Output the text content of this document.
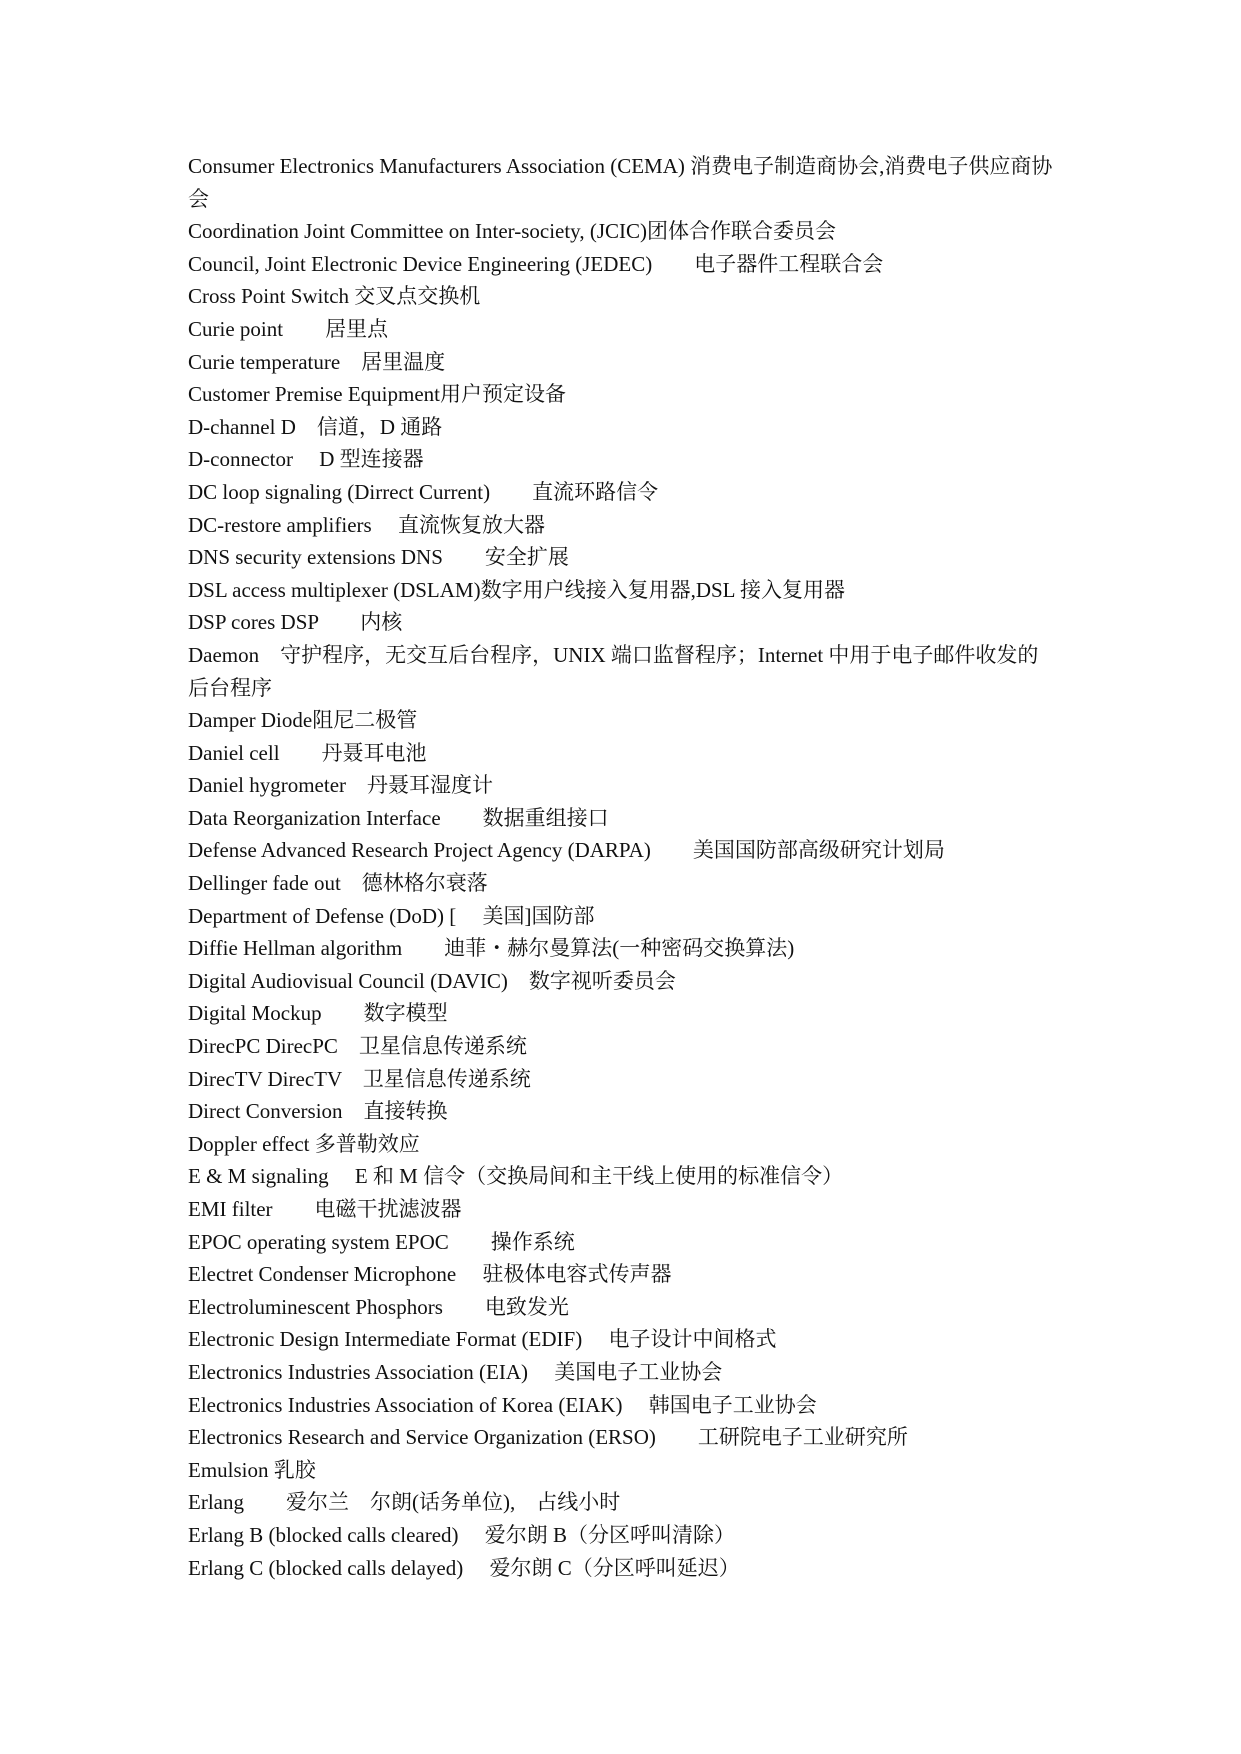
Consumer Electronics Manufacturers Association (CEMA) 消费电子制造商协会,消费电子供应商协会
Coordination Joint Committee on Inter-society, (JCIC)团体合作联合委员会
Council, Joint Electronic Device Engineering (JEDEC)　　电子器件工程联合会
Cross Point Switch 交叉点交换机
Curie point　　居里点
Curie temperature　居里温度
Customer Premise Equipment用户预定设备
D-channel D　信道，D 通路
D-connector　 D 型连接器
DC loop signaling (Dirrect Current)　　直流环路信令
DC-restore amplifiers　 直流恢复放大器
DNS security extensions DNS　　安全扩展
DSL access multiplexer (DSLAM)数字用户线接入复用器,DSL 接入复用器
DSP cores DSP　　内核
Daemon　守护程序，无交互后台程序，UNIX 端口监督程序；Internet 中用于电子邮件收发的后台程序
Damper Diode阻尼二极管
Daniel cell　　丹聂耳电池
Daniel hygrometer　丹聂耳湿度计
Data Reorganization Interface　　数据重组接口
Defense Advanced Research Project Agency (DARPA)　　美国国防部高级研究计划局
Dellinger fade out　德林格尔衰落
Department of Defense (DoD) [　 美国]国防部
Diffie Hellman algorithm　　迪菲・赫尔曼算法(一种密码交换算法)
Digital Audiovisual Council (DAVIC)　数字视听委员会
Digital Mockup　　数字模型
DirecPC DirecPC　卫星信息传递系统
DirecTV DirecTV　卫星信息传递系统
Direct Conversion　直接转换
Doppler effect 多普勒效应
E & M signaling　 E 和 M 信令（交换局间和主干线上使用的标准信令）
EMI filter　　电磁干扰滤波器
EPOC operating system EPOC　　操作系统
Electret Condenser Microphone　 驻极体电容式传声器
Electroluminescent Phosphors　　电致发光
Electronic Design Intermediate Format (EDIF)　 电子设计中间格式
Electronics Industries Association (EIA)　 美国电子工业协会
Electronics Industries Association of Korea (EIAK)　 韩国电子工业协会
Electronics Research and Service Organization (ERSO)　　工研院电子工业研究所
Emulsion 乳胶
Erlang　　爱尔兰　尔朗(话务单位),　占线小时
Erlang B (blocked calls cleared)　 爱尔朗 B（分区呼叫清除）
Erlang C (blocked calls delayed)　 爱尔朗 C（分区呼叫延迟）
